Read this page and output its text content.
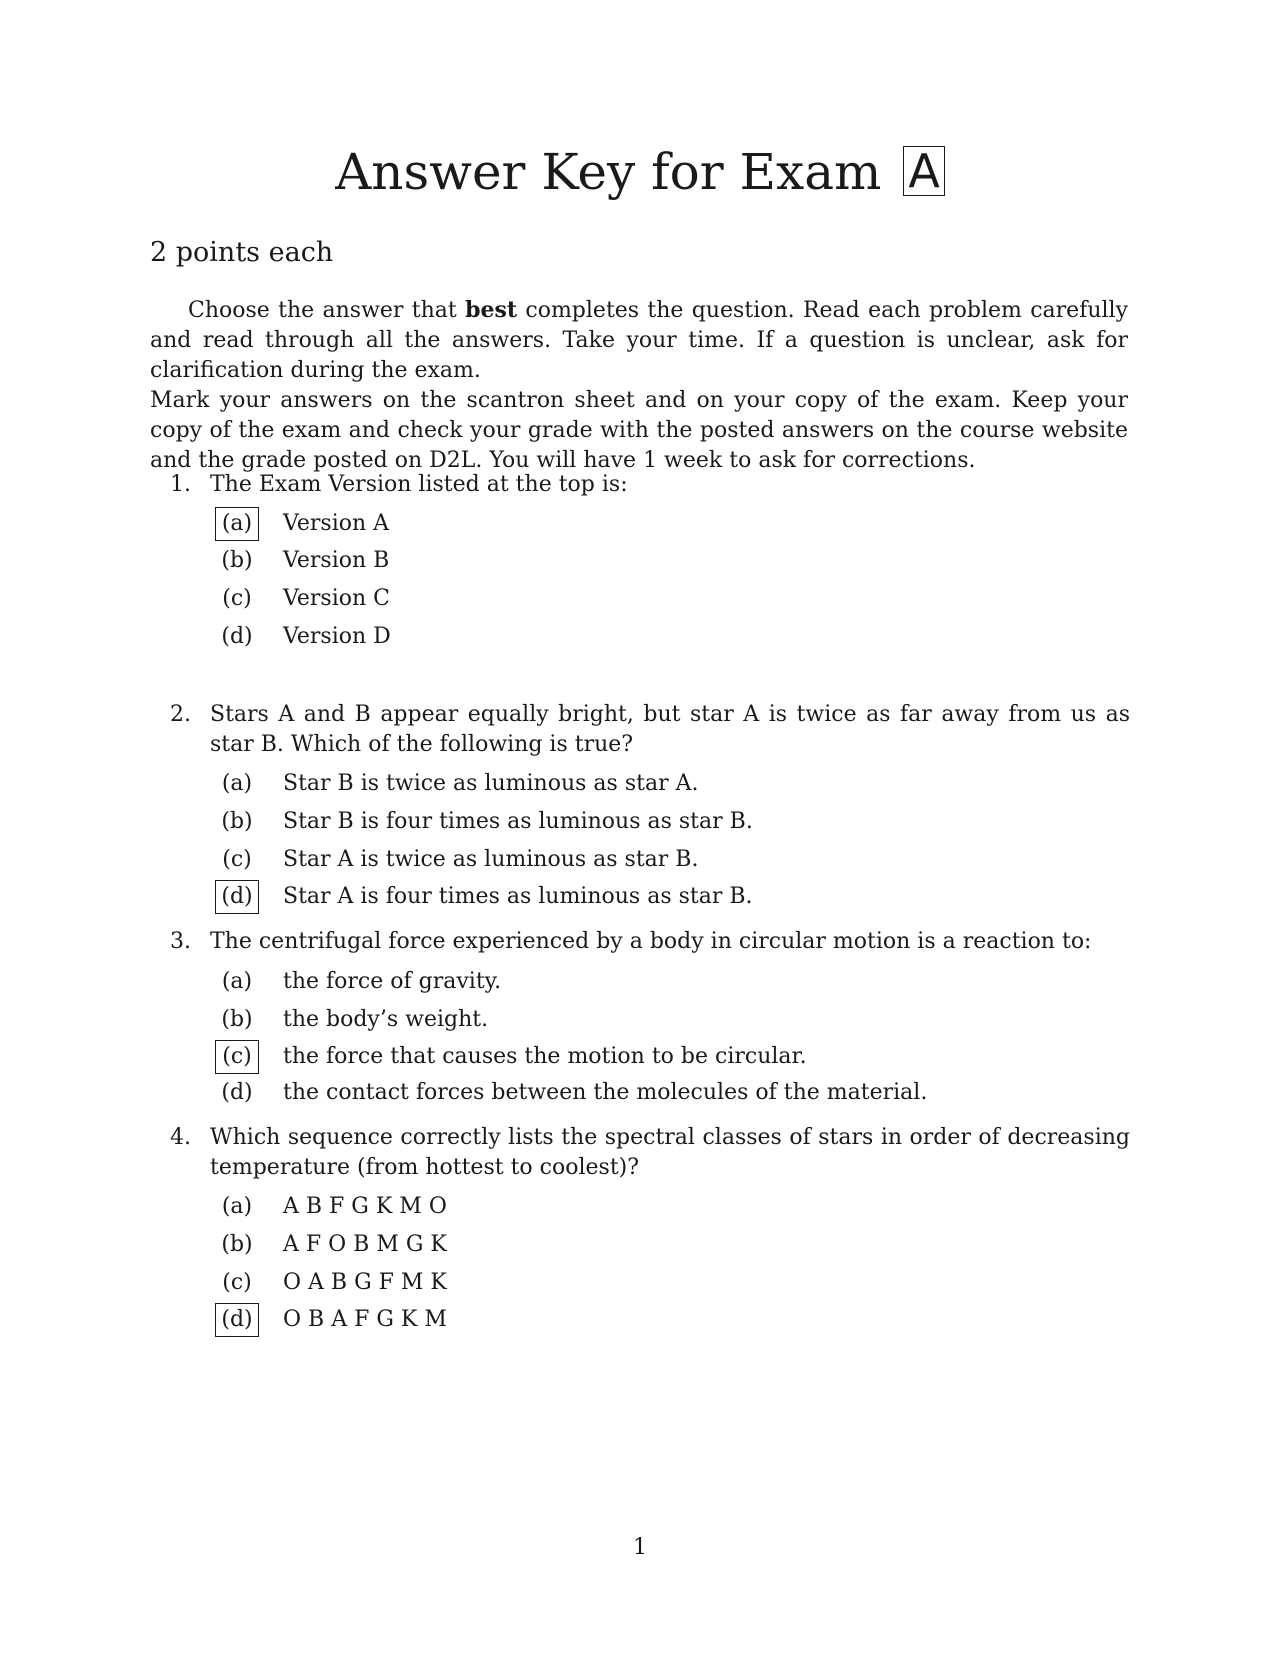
Answer Key for Exam A
2 points each

Choose the answer that best completes the question. Read each problem carefully and read through all the answers. Take your time. If a question is unclear, ask for clarification during the exam.

Mark your answers on the scantron sheet and on your copy of the exam. Keep your copy of the exam and check your grade with the posted answers on the course website and the grade posted on D2L. You will have 1 week to ask for corrections.

1. The Exam Version listed at the top is:
(a)	Version A
(b) Version B
(c)	Version C
(d) Version D
2. Stars A and B appear equally bright, but star A is twice as far away from us as star B. Which of the following is true?
(a)	Star B is twice as luminous as star A.
(b) Star B is four times as luminous as star B.
(c)	Star A is twice as luminous as star B.
(d) Star A is four times as luminous as star B.
3. The centrifugal force experienced by a body in circular motion is a reaction to:
(a)	the force of gravity.
(b) the body’s weight.
(c)	the force that causes the motion to be circular.
(d) the contact forces between the molecules of the material.
4. Which sequence correctly lists the spectral classes of stars in order of decreasing temperature (from hottest to coolest)?
(a)	A B F G K M O
(b) A F O B M G K
(c)	O A B G F M K
(d) O B A F G K M
1
